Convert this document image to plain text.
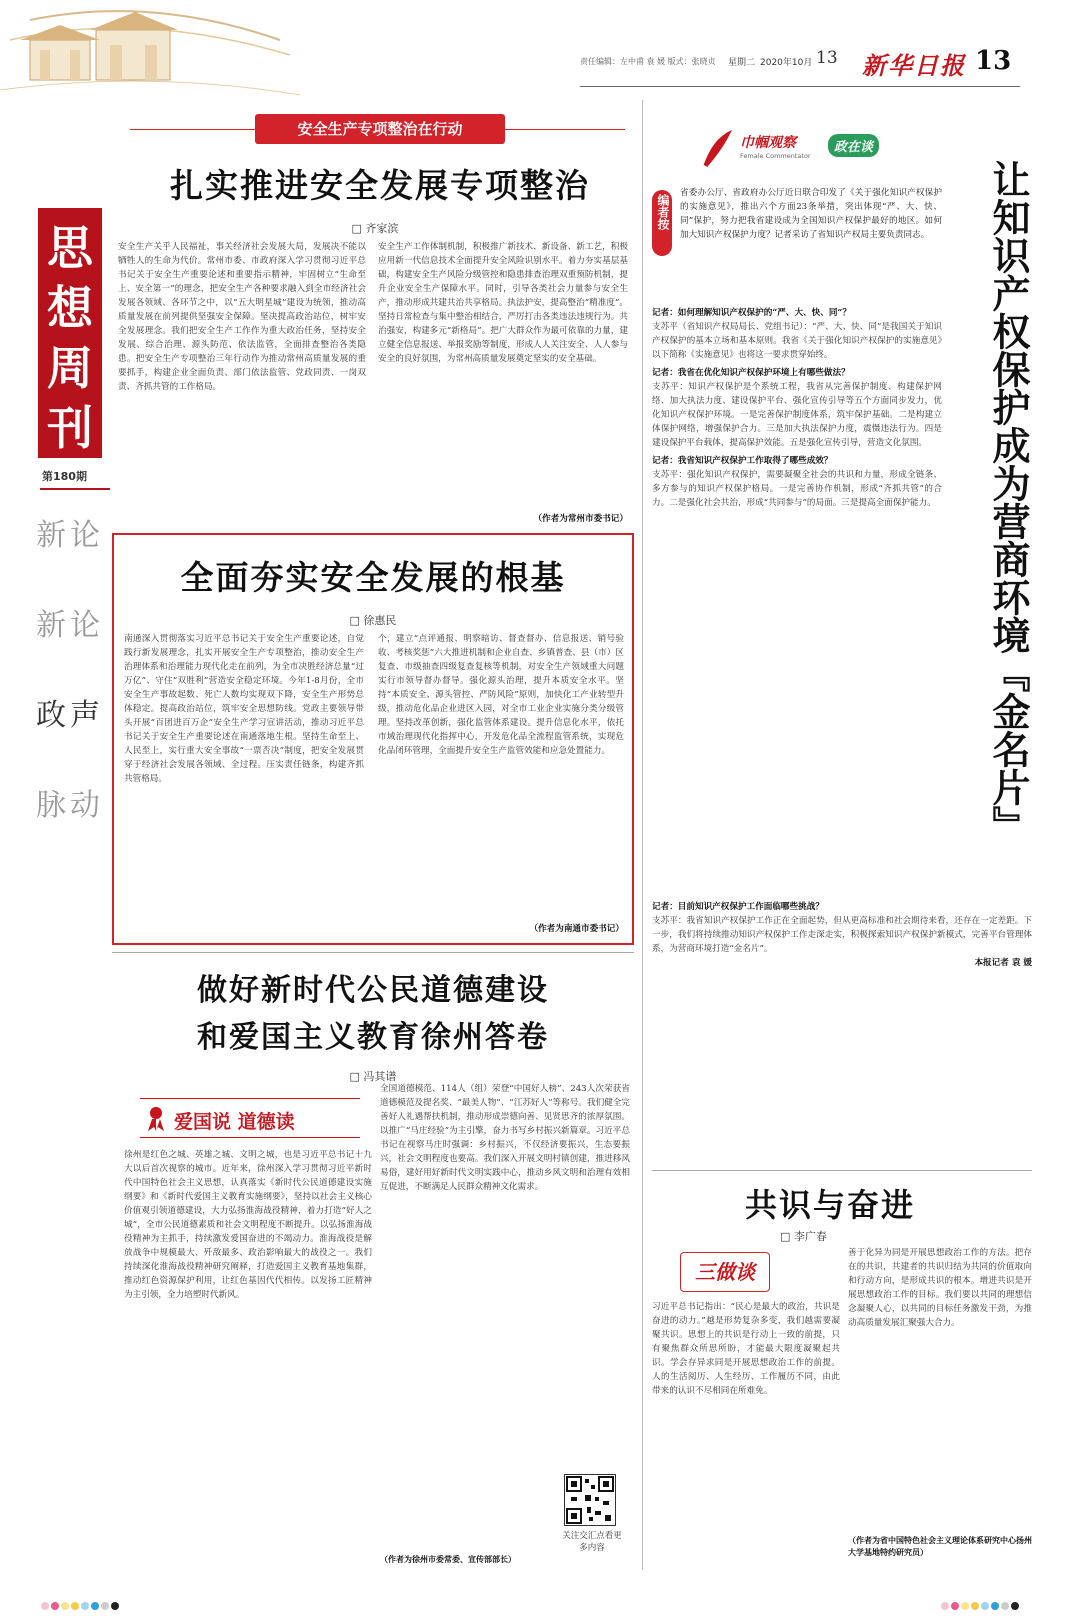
责任编辑：左中甫 袁 媛 版式：张晓贞 星期二 2020年10月 13 新华日报 13
思
想
周
刊
第180期
新论
新论
政声
脉动
安全生产专项整治在行动
扎实推进安全发展专项整治
□ 齐家滨
安全生产关乎人民福祉，事关经济社会发展大局，发展决不能以牺牲人的生命为代价。常州市委、市政府深入学习贯彻习近平总书记关于安全生产重要论述和重要指示精神，牢固树立“生命至上、安全第一”的理念，把安全生产各种要求融入到全市经济社会发展各领域、各环节之中，以“五大明星城”建设为统领，推动高质量发展在前列提供坚强安全保障。坚决提高政治站位，树牢安全发展理念。我们把安全生产工作作为重大政治任务，坚持安全发展、综合治理、源头防范、依法监管，全面排查整治各类隐患。把安全生产专项整治三年行动作为推动常州高质量发展的重要抓手，构建企业全面负责、部门依法监管、党政同责、一岗双责、齐抓共管的工作格局。
安全生产工作体制机制，积极推广新技术、新设备、新工艺，积极应用新一代信息技术全面提升安全风险识别水平。着力夯实基层基础，构建安全生产风险分级管控和隐患排查治理双重预防机制，提升企业安全生产保障水平。同时，引导各类社会力量参与安全生产，推动形成共建共治共享格局。执法护安，提高整治“精准度”。坚持日常检查与集中整治相结合，严厉打击各类违法违规行为。共治强安，构建多元“新格局”。把广大群众作为最可依靠的力量，建立健全信息报送、举报奖励等制度，形成人人关注安全、人人参与安全的良好氛围，为常州高质量发展奠定坚实的安全基础。
（作者为常州市委书记）
全面夯实安全发展的根基
□ 徐惠民
南通深入贯彻落实习近平总书记关于安全生产重要论述，自觉践行新发展理念，扎实开展安全生产专项整治，推动安全生产治理体系和治理能力现代化走在前列，为全市决胜经济总量“过万亿”、守住“双胜利”营造安全稳定环境。今年1-8月份，全市安全生产事故起数、死亡人数均实现双下降，安全生产形势总体稳定。提高政治站位，筑牢安全思想防线。党政主要领导带头开展“百团进百万企”安全生产学习宣讲活动，推动习近平总书记关于安全生产重要论述在南通落地生根。坚持生命至上、人民至上，实行重大安全事故“一票否决”制度，把安全发展贯穿于经济社会发展各领域、全过程。压实责任链条，构建齐抓共管格局。
个，建立“点评通报、明察暗访、督查督办、信息报送、销号验收、考核奖惩”六大推进机制和企业自查、乡镇普查、县（市）区复查、市级抽查四级复查复核等机制，对安全生产领域重大问题实行市领导督办督导。强化源头治理，提升本质安全水平。坚持“本质安全、源头管控、严防风险”原则，加快化工产业转型升级，推动危化品企业进区入园，对全市工业企业实施分类分级管理。坚持改革创新，强化监管体系建设。提升信息化水平，依托市域治理现代化指挥中心，开发危化品全流程监管系统，实现危化品闭环管理，全面提升安全生产监管效能和应急处置能力。
（作者为南通市委书记）
做好新时代公民道德建设
和爱国主义教育徐州答卷
□ 冯其谱
爱国说 道德读
徐州是红色之城、英雄之城、文明之城，也是习近平总书记十九大以后首次视察的城市。近年来，徐州深入学习贯彻习近平新时代中国特色社会主义思想，认真落实《新时代公民道德建设实施纲要》和《新时代爱国主义教育实施纲要》，坚持以社会主义核心价值观引领道德建设，大力弘扬淮海战役精神，着力打造“好人之城”，全市公民道德素质和社会文明程度不断提升。以弘扬淮海战役精神为主抓手，持续激发爱国奋进的不竭动力。淮海战役是解放战争中规模最大、歼敌最多、政治影响最大的战役之一。我们持续深化淮海战役精神研究阐释，打造爱国主义教育基地集群，推动红色资源保护利用，让红色基因代代相传。以发扬工匠精神为主引领，全力培塑时代新风。
全国道德模范、114人（组）荣登“中国好人榜”、243人次荣获省道德模范及提名奖、“最美人物”、“江苏好人”等称号。我们健全完善好人礼遇帮扶机制，推动形成崇德向善、见贤思齐的浓厚氛围。以推广“马庄经验”为主引擎，奋力书写乡村振兴新篇章。习近平总书记在视察马庄时强调：乡村振兴，不仅经济要振兴，生态要振兴，社会文明程度也要高。我们深入开展文明村镇创建，推进移风易俗，建好用好新时代文明实践中心，推动乡风文明和治理有效相互促进，不断满足人民群众精神文化需求。
关注交汇点看更多内容
（作者为徐州市委常委、宣传部部长）
巾帼观察
Female Commentator
政在谈
让知识产权保护成为营商环境『金名片』
编者按
省委办公厅、省政府办公厅近日联合印发了《关于强化知识产权保护的实施意见》，推出六个方面23条举措，突出体现“严、大、快、同”保护，努力把我省建设成为全国知识产权保护最好的地区。如何加大知识产权保护力度？记者采访了省知识产权局主要负责同志。
记者：如何理解知识产权保护的“严、大、快、同”？
支苏平（省知识产权局局长、党组书记）：“严、大、快、同”是我国关于知识产权保护的基本立场和基本原则。我省《关于强化知识产权保护的实施意见》以下简称《实施意见》也将这一要求贯穿始终。
记者：我省在优化知识产权保护环境上有哪些做法？
支苏平：知识产权保护是个系统工程，我省从完善保护制度、构建保护网络、加大执法力度、建设保护平台、强化宣传引导等五个方面同步发力，优化知识产权保护环境。一是完善保护制度体系，筑牢保护基础。二是构建立体保护网络，增强保护合力。三是加大执法保护力度，震慑违法行为。四是建设保护平台载体，提高保护效能。五是强化宣传引导，营造文化氛围。
记者：我省知识产权保护工作取得了哪些成效？
支苏平：强化知识产权保护，需要凝聚全社会的共识和力量，形成全链条、多方参与的知识产权保护格局。一是完善协作机制，形成“齐抓共管”的合力。二是强化社会共治，形成“共同参与”的局面。三是提高全面保护能力。
记者：目前知识产权保护工作面临哪些挑战？
支苏平：我省知识产权保护工作正在全面起势，但从更高标准和社会期待来看，还存在一定差距。下一步，我们将持续推动知识产权保护工作走深走实，积极探索知识产权保护新模式，完善平台管理体系，为营商环境打造“金名片”。
本报记者 袁 媛
共识与奋进
□ 李广春
三做谈
习近平总书记指出：“民心是最大的政治，共识是奋进的动力。”越是形势复杂多变，我们越需要凝聚共识。思想上的共识是行动上一致的前提，只有聚焦群众所思所盼，才能最大限度凝聚起共识。学会存异求同是开展思想政治工作的前提。人的生活阅历、人生经历、工作履历不同，由此带来的认识不尽相同在所难免。
善于化异为同是开展思想政治工作的方法。把存在的共识，共建者的共识归结为共同的价值取向和行动方向，是形成共识的根本。增进共识是开展思想政治工作的目标。我们要以共同的理想信念凝聚人心，以共同的目标任务激发干劲，为推动高质量发展汇聚强大合力。
（作者为省中国特色社会主义理论体系研究中心扬州大学基地特约研究员）
